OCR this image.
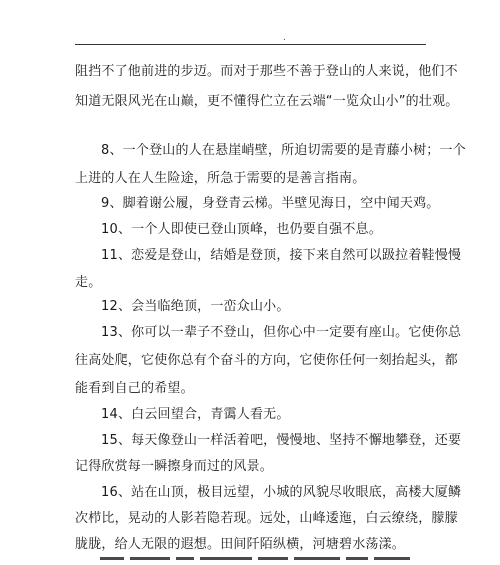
.
阻挡不了他前进的步迈。而对于那些不善于登山的人来说，他们不
知道无限风光在山巅，更不懂得伫立在云端“一览众山小”的壮观。
8、一个登山的人在悬崖峭壁，所迫切需要的是青藤小树；一个
上进的人在人生险途，所急于需要的是善言指南。
9、脚着谢公履，身登青云梯。半壁见海日，空中闻天鸡。
10、一个人即使已登山顶峰，也仍要自强不息。
11、恋爱是登山，结婚是登顶，接下来自然可以趿拉着鞋慢慢
走。
12、会当临绝顶，一峦众山小。
13、你可以一辈子不登山，但你心中一定要有座山。它使你总
往高处爬，它使你总有个奋斗的方向，它使你任何一刻抬起头，都
能看到自己的希望。
14、白云回望合，青霭人看无。
15、每天像登山一样活着吧，慢慢地、坚持不懈地攀登，还要
记得欣赏每一瞬擦身而过的风景。
16、站在山顶，极目远望，小城的风貌尽收眼底，高楼大厦鳞
次栉比，晃动的人影若隐若现。远处，山峰逶迤，白云缭绕，朦朦
胧胧，给人无限的遐想。田间阡陌纵横，河塘碧水荡漾。
